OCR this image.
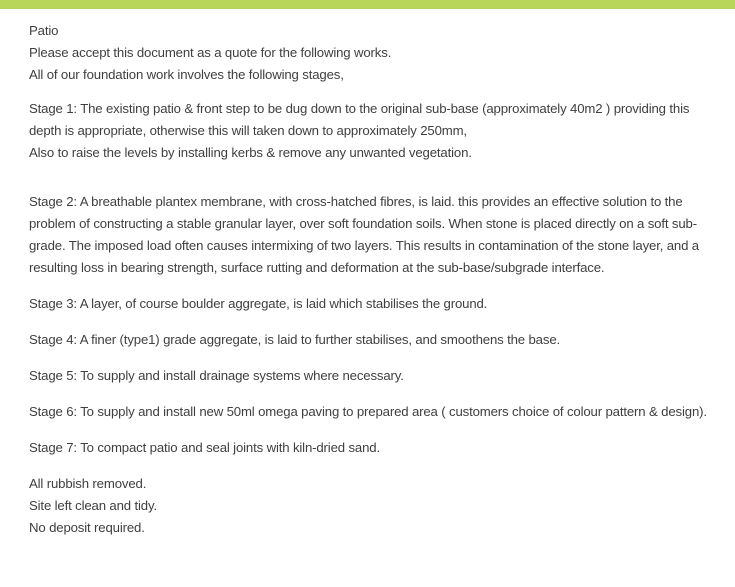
Patio

Please accept this document as a quote for the following works.

All of our foundation work involves the following stages,

Stage 1: The existing patio & front step to be dug down to the original sub-base (approximately 40m2 ) providing this

depth is appropriate, otherwise this will taken down to approximately 250mm,

Also to raise the levels by installing kerbs & remove any unwanted vegetation.

Stage 2: A breathable plantex membrane, with cross-hatched fibres, is laid. this provides an effective solution to the

problem of constructing a stable granular layer, over soft foundation soils. When stone is placed directly on a soft sub-

grade. The imposed load often causes intermixing of two layers. This results in contamination of the stone layer, and a

resulting loss in bearing strength, surface rutting and deformation at the sub-base/subgrade interface.

Stage 3: A layer, of course boulder aggregate, is laid which stabilises the ground.

Stage 4: A finer (type1) grade aggregate, is laid to further stabilises, and smoothens the base.

Stage 5: To supply and install drainage systems where necessary.

Stage 6: To supply and install new 50ml omega paving to prepared area ( customers choice of colour pattern & design).

Stage 7: To compact patio and seal joints with kiln-dried sand.

All rubbish removed.

Site left clean and tidy.

No deposit required.
